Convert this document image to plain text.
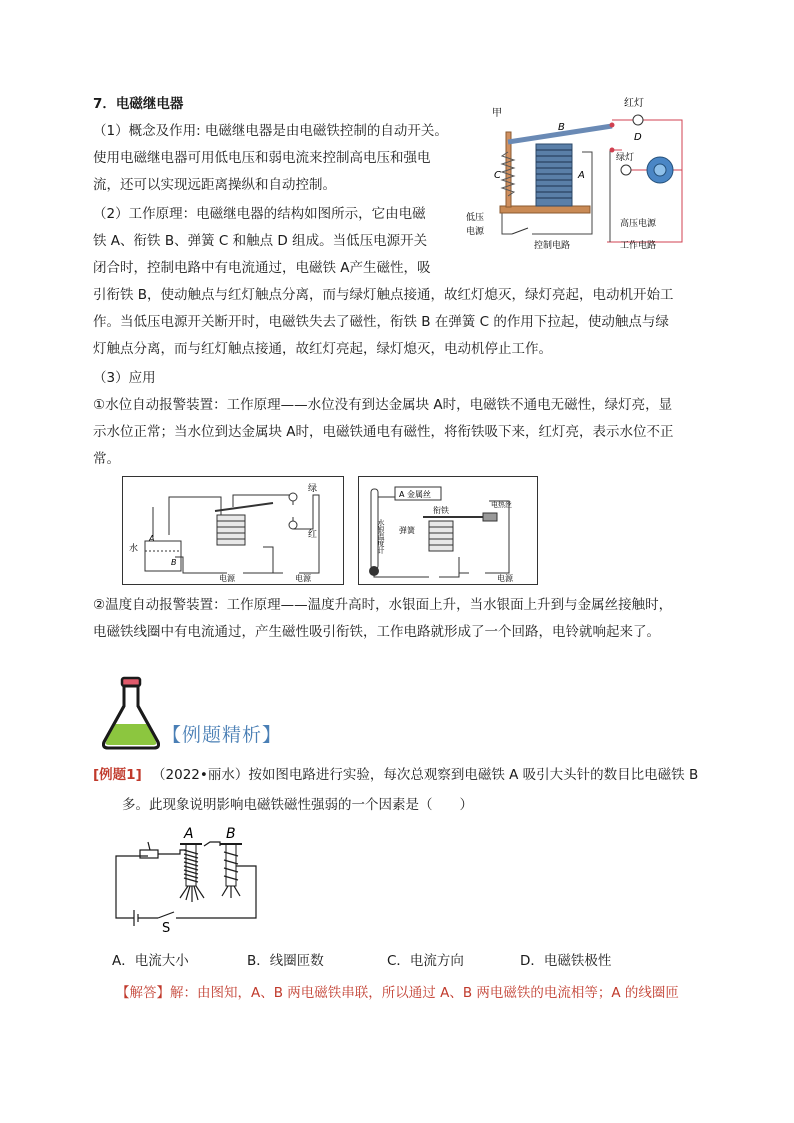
7．电磁继电器
（1）概念及作用: 电磁继电器是由电磁铁控制的自动开关。
使用电磁继电器可用低电压和弱电流来控制高电压和强电
流，还可以实现远距离操纵和自动控制。
（2）工作原理：电磁继电器的结构如图所示，它由电磁
铁 A、衔铁 B、弹簧 C 和触点 D 组成。当低压电源开关
闭合时，控制电路中有电流通过，电磁铁 A产生磁性，吸
引衔铁 B，使动触点与红灯触点分离，而与绿灯触点接通，故红灯熄灭，绿灯亮起，电动机开始工
作。当低压电源开关断开时，电磁铁失去了磁性，衔铁 B 在弹簧 C 的作用下拉起，使动触点与绿
灯触点分离，而与红灯触点接通，故红灯亮起，绿灯熄灭，电动机停止工作。
（3）应用
①水位自动报警装置：工作原理——水位没有到达金属块 A时，电磁铁不通电无磁性，绿灯亮，显
示水位正常；当水位到达金属块 A时，电磁铁通电有磁性，将衔铁吸下来，红灯亮，表示水位不正
常。
甲
B
C	A
D
红灯
绿灯
低压
电源
高压电源
控制电路	工作电路
绿
红
水
A
B
电源	电源
A 金属丝
衔铁
电热丝
弹簧
水银温度计
电源
②温度自动报警装置：工作原理——温度升高时，水银面上升，当水银面上升到与金属丝接触时，
电磁铁线圈中有电流通过，产生磁性吸引衔铁，工作电路就形成了一个回路，电铃就响起来了。
【例题精析】
[例题1] （2022•丽水）按如图电路进行实验，每次总观察到电磁铁 A 吸引大头针的数目比电磁铁 B
多。此现象说明影响电磁铁磁性强弱的一个因素是（　　）
A B
S
A．电流大小	B．线圈匝数	C．电流方向	D．电磁铁极性
【解答】解：由图知，A、B 两电磁铁串联，所以通过 A、B 两电磁铁的电流相等；A 的线圈匝
